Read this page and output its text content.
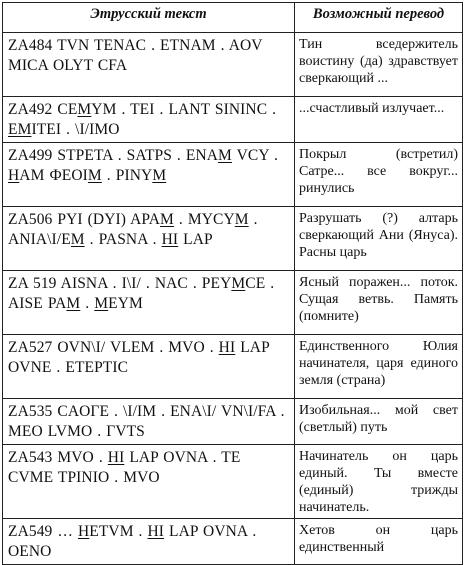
Этрусский текст	Возможный перевод

ZA484 TVN TENAC . ETNAM . AOV
MICA OLYT CFA	Тин вседержитель воистину (да) здравствует сверкающий ...

ZA492 CEMYM . TEI . LANT SININC .
EMITEI . \I/IMO	...счастливый излучает...

ZA499 STPETA . SATPS . ENAM VCY .
HAM ФEOIM . PINYM	Покрыл (встретил) Сатре... все вокруг... ринулись

ZA506 PYI (DYI) APAM . MYCYM .
ANIA\I/EM . PASNA . HI LAP	Разрушать (?) алтарь сверкающий Ани (Януса). Расны царь

ZA 519 AISNA . I\I/ . NAC . PEYMCE .
AISE PAM . MEYM	Ясный поражен... поток. Сущая ветвь. Память (помните)

ZA527 OVN\I/ VLEM . MVO . HI LAP
OVNE . ETEPTIC	Единственного Юлия начинателя, царя единого земля (страна)

ZA535 CAOГE . \I/IM . ENA\I/ VN\I/FA .
MEO LVMO . ГVTS	Изобильная... мой свет (светлый) путь

ZA543 MVO . HI LAP OVNA . TE
CVME TPINIO . MVO	Начинатель он царь единый. Ты вместе (единый) трижды начинатель.

ZA549 … HETVM . HI LAP OVNA .
OENO	Хетов он царь единственный
